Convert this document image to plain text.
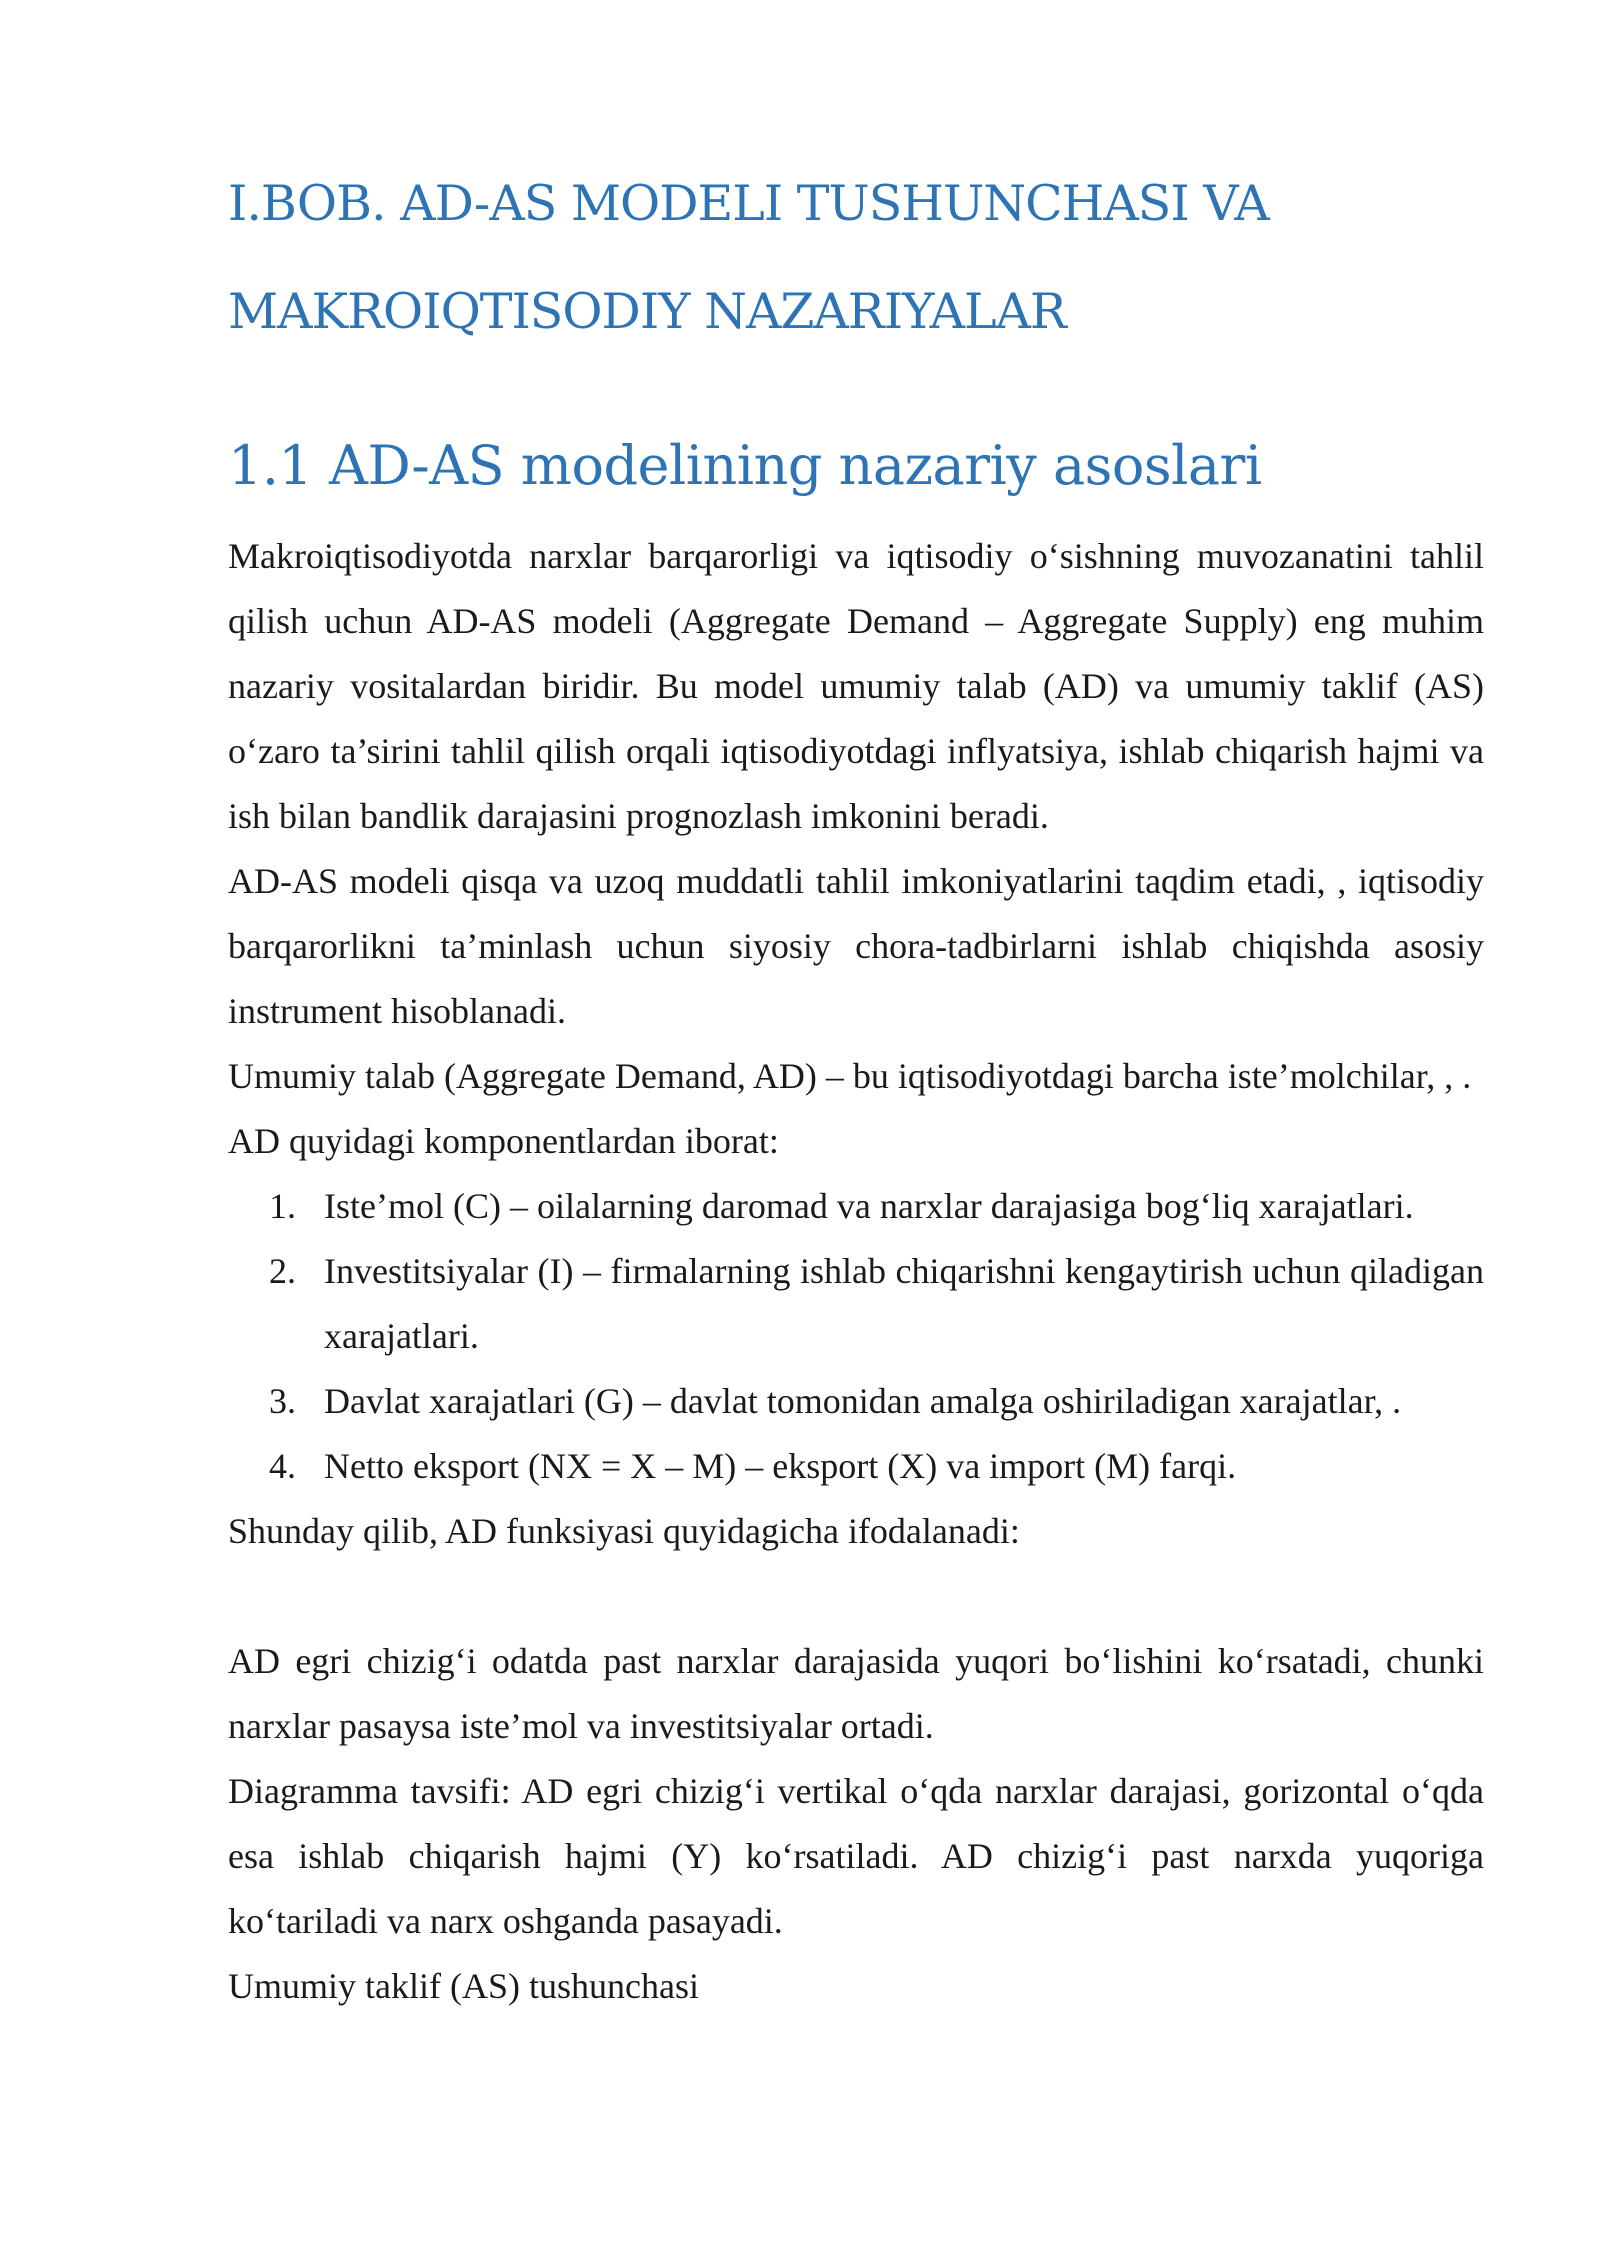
I.BOB. AD-AS MODELI TUSHUNCHASI VA
MAKROIQTISODIY NAZARIYALAR
1.1 AD-AS modelining nazariy asoslari

Makroiqtisodiyotda narxlar barqarorligi va iqtisodiy o‘sishning muvozanatini tahlil qilish uchun AD-AS modeli (Aggregate Demand – Aggregate Supply) eng muhim nazariy vositalardan biridir. Bu model umumiy talab (AD) va umumiy taklif (AS) o‘zaro ta’sirini tahlil qilish orqali iqtisodiyotdagi inflyatsiya, ishlab chiqarish hajmi va ish bilan bandlik darajasini prognozlash imkonini beradi.

AD-AS modeli qisqa va uzoq muddatli tahlil imkoniyatlarini taqdim etadi, , iqtisodiy barqarorlikni ta’minlash uchun siyosiy chora-tadbirlarni ishlab chiqishda asosiy instrument hisoblanadi.

Umumiy talab (Aggregate Demand, AD) – bu iqtisodiyotdagi barcha iste’molchilar, , .

AD quyidagi komponentlardan iborat:

1. Iste’mol (C) – oilalarning daromad va narxlar darajasiga bog‘liq xarajatlari.
2. Investitsiyalar (I) – firmalarning ishlab chiqarishni kengaytirish uchun qiladigan xarajatlari.
3. Davlat xarajatlari (G) – davlat tomonidan amalga oshiriladigan xarajatlar, .
4. Netto eksport (NX = X – M) – eksport (X) va import (M) farqi.

Shunday qilib, AD funksiyasi quyidagicha ifodalanadi:

AD egri chizig‘i odatda past narxlar darajasida yuqori bo‘lishini ko‘rsatadi, chunki narxlar pasaysa iste’mol va investitsiyalar ortadi.

Diagramma tavsifi: AD egri chizig‘i vertikal o‘qda narxlar darajasi, gorizontal o‘qda esa ishlab chiqarish hajmi (Y) ko‘rsatiladi. AD chizig‘i past narxda yuqoriga ko‘tariladi va narx oshganda pasayadi.

Umumiy taklif (AS) tushunchasi
